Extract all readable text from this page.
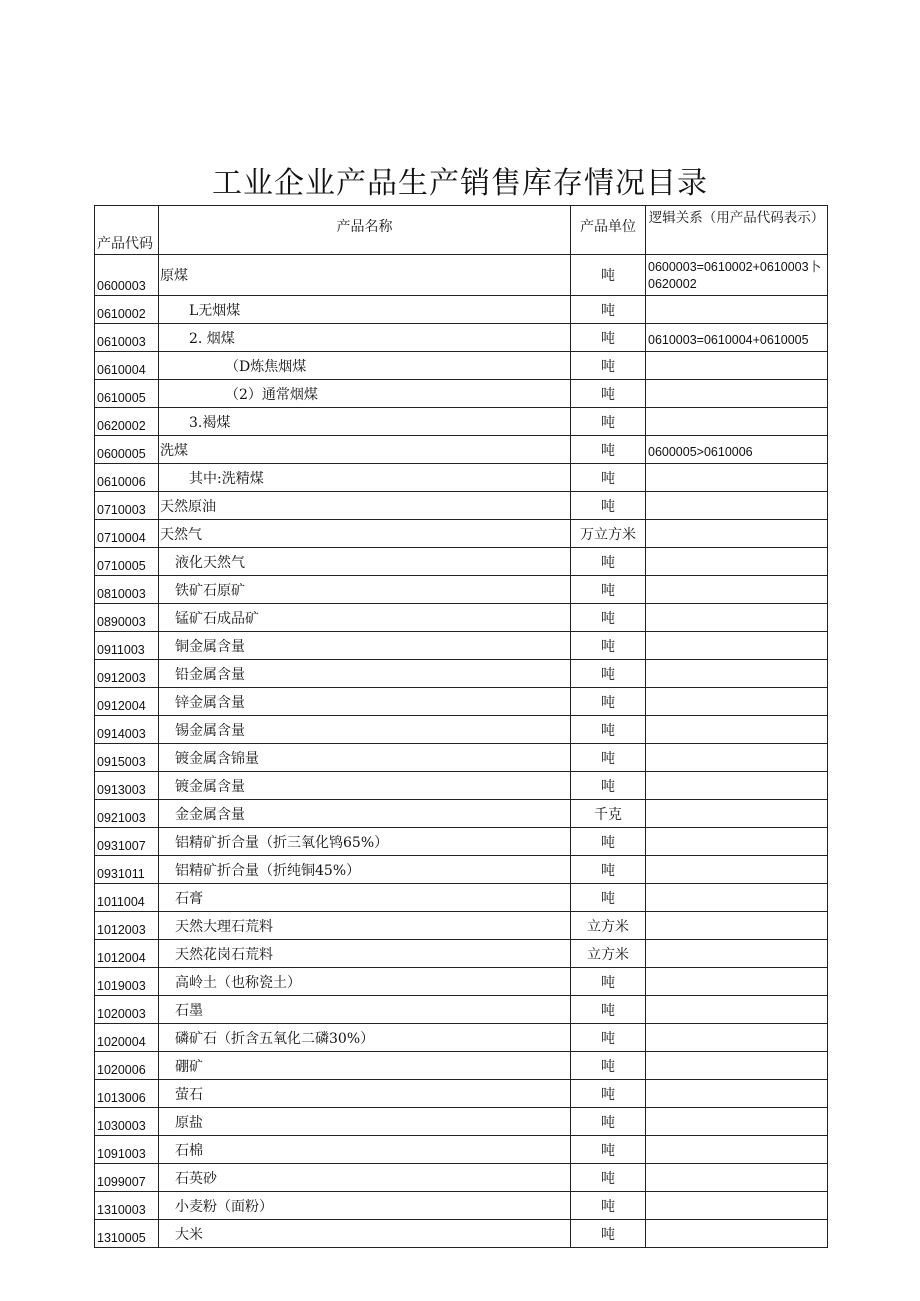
工业企业产品生产销售库存情况目录
产品代码	产品名称	产品单位	逻辑关系（用产品代码表示）
0600003	原煤	吨	0600003=0610002+0610003卜0620002
0610002	L无烟煤	吨	
0610003	2. 烟煤	吨	0610003=0610004+0610005
0610004	（D炼焦烟煤	吨	
0610005	（2）通常烟煤	吨	
0620002	3.褐煤	吨	
0600005	洗煤	吨	0600005>0610006
0610006	其中:洗精煤	吨	
0710003	天然原油	吨	
0710004	天然气	万立方米	
0710005	液化天然气	吨	
0810003	铁矿石原矿	吨	
0890003	锰矿石成品矿	吨	
0911003	铜金属含量	吨	
0912003	铅金属含量	吨	
0912004	锌金属含量	吨	
0914003	锡金属含量	吨	
0915003	镀金属含锦量	吨	
0913003	镀金属含量	吨	
0921003	金金属含量	千克	
0931007	铝精矿折合量（折三氧化鸨65%）	吨	
0931011	铝精矿折合量（折纯铜45%）	吨	
1011004	石膏	吨	
1012003	天然大理石荒料	立方米	
1012004	天然花岗石荒料	立方米	
1019003	高岭土（也称瓷土）	吨	
1020003	石墨	吨	
1020004	磷矿石（折含五氧化二磷30%）	吨	
1020006	硼矿	吨	
1013006	萤石	吨	
1030003	原盐	吨	
1091003	石棉	吨	
1099007	石英砂	吨	
1310003	小麦粉（面粉）	吨	
1310005	大米	吨	
